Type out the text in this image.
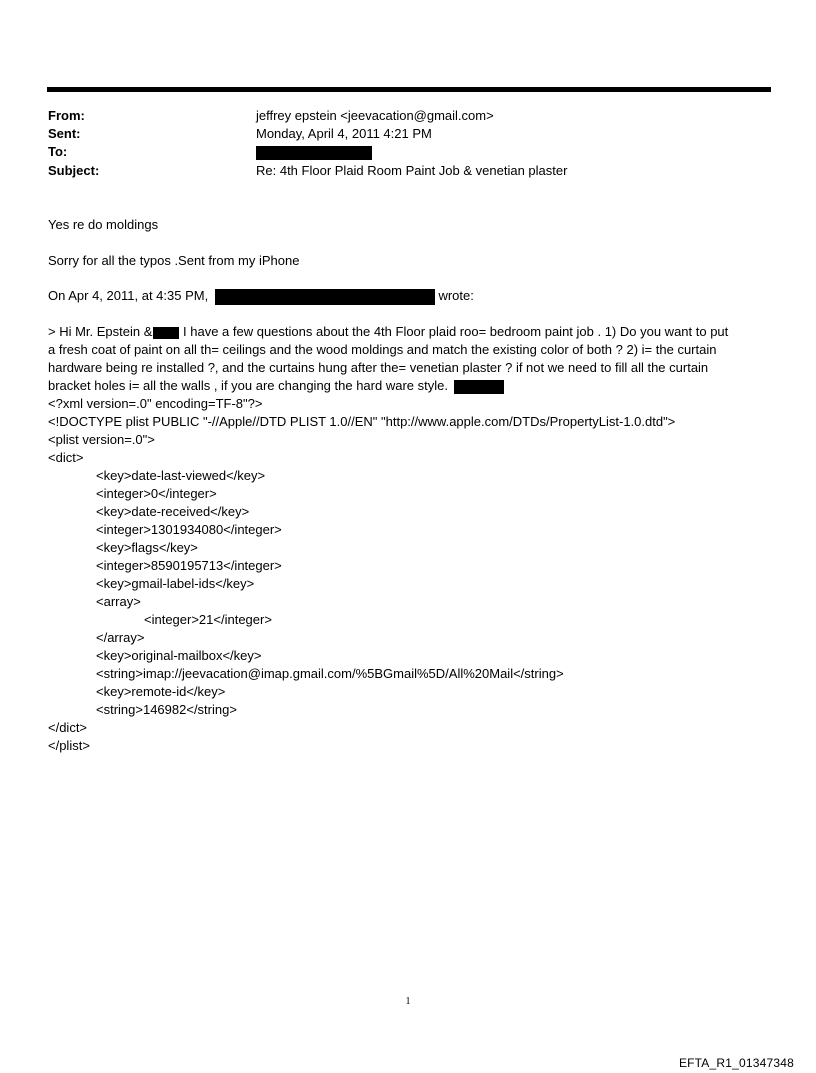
From:	jeffrey epstein <jeevacation@gmail.com>
Sent:	Monday, April 4, 2011 4:21 PM
To:
Subject:	Re: 4th Floor Plaid Room Paint Job & venetian plaster
Yes re do moldings
Sorry for all the typos .Sent from my iPhone
On Apr 4, 2011, at 4:35 PM,	wrote:
> Hi Mr. Epstein & I have a few questions about the 4th Floor plaid roo= bedroom paint job . 1) Do you want to put
a fresh coat of paint on all th= ceilings and the wood moldings and match the existing color of both ? 2) i= the curtain
hardware being re installed ?, and the curtains hung after the= venetian plaster ? if not we need to fill all the curtain
bracket holes i= all the walls , if you are changing the hard ware style.
<?xml version=.0" encoding=TF-8"?>
<!DOCTYPE plist PUBLIC "-//Apple//DTD PLIST 1.0//EN" "http://www.apple.com/DTDs/PropertyList-1.0.dtd">
<plist version=.0">
<dict>
<key>date-last-viewed</key>
<integer>0</integer>
<key>date-received</key>
<integer>1301934080</integer>
<key>flags</key>
<integer>8590195713</integer>
<key>gmail-label-ids</key>
<array>
<integer>21</integer>
</array>
<key>original-mailbox</key>
<string>imap://jeevacation@imap.gmail.com/%5BGmail%5D/All%20Mail</string>
<key>remote-id</key>
<string>146982</string>
</dict>
</plist>
1
EFTA_R1_01347348
